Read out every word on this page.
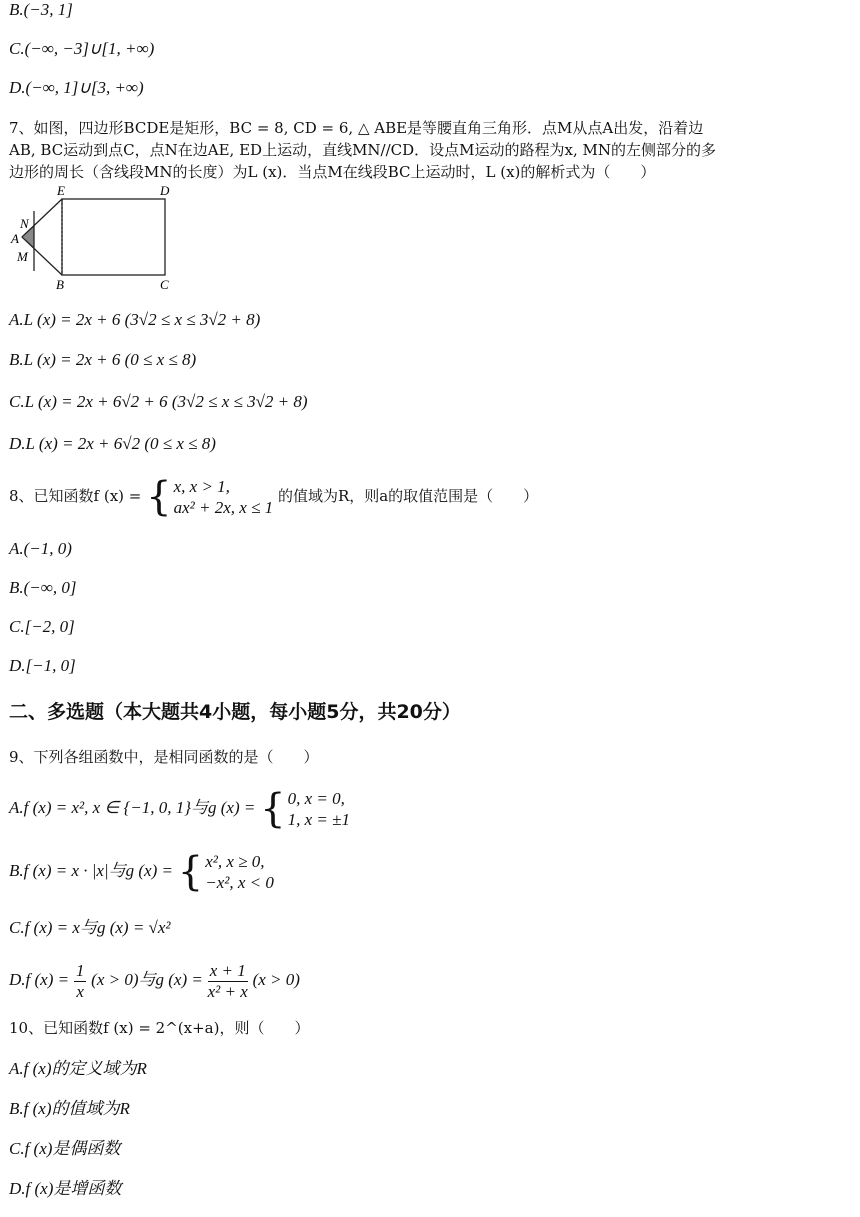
B.(−3, 1]
C.(−∞, −3]∪[1, +∞)
D.(−∞, 1]∪[3, +∞)
7、如图，四边形BCDE是矩形，BC = 8, CD = 6, △ ABE是等腰直角三角形．点M从点A出发，沿着边
AB, BC运动到点C，点N在边AE, ED上运动，直线MN//CD．设点M运动的路程为x, MN的左侧部分的多
边形的周长（含线段MN的长度）为L (x)．当点M在线段BC上运动时，L (x)的解析式为（　　）
E	D
N
A
M
B	C
A.L (x) = 2x + 6 (3√2 ≤ x ≤ 3√2 + 8)
B.L (x) = 2x + 6 (0 ≤ x ≤ 8)
C.L (x) = 2x + 6√2 + 6 (3√2 ≤ x ≤ 3√2 + 8)
D.L (x) = 2x + 6√2 (0 ≤ x ≤ 8)
8、已知函数f (x) = { x, x > 1,
ax² + 2x, x ≤ 1
的值域为R，则a的取值范围是（　　）
A.(−1, 0)
B.(−∞, 0]
C.[−2, 0]
D.[−1, 0]
二、多选题（本大题共4小题，每小题5分，共20分）
9、下列各组函数中，是相同函数的是（　　）
A.f (x) = x², x ∈ {−1, 0, 1}与g (x) = { 0, x = 0,
1, x = ±1
B.f (x) = x · |x|与g (x) = { x², x ≥ 0,
−x², x < 0
C.f (x) = x与g (x) = √x²
D.f $(x) = \frac{1}{x} (x > 0)$与g $(x) = \frac{x + 1}{\text{x² + x}} (x > 0)$
10、已知函数f (x) = 2^(x+a)，则（　　）
A.f (x)的定义域为R
B.f (x)的值域为R
C.f (x)是偶函数
D.f (x)是增函数
